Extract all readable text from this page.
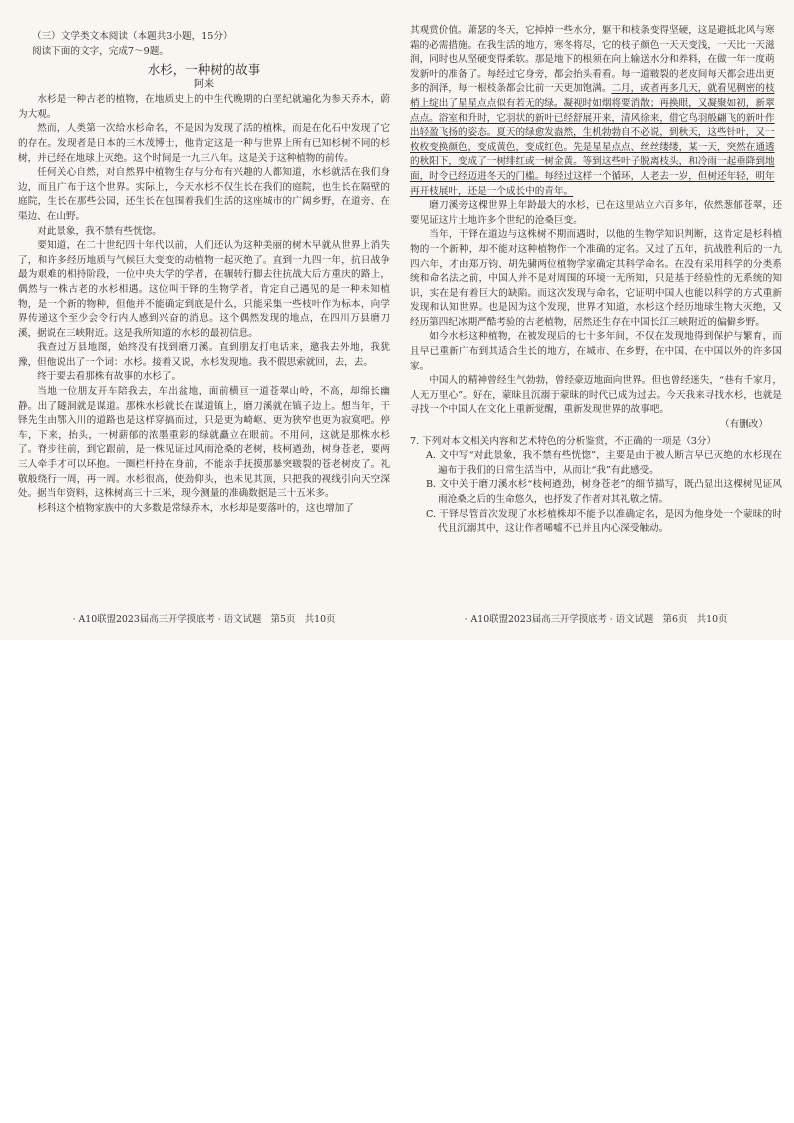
（三）文学类文本阅读（本题共3小题，15分）

阅读下面的文字，完成7～9题。

水杉，一种树的故事

阿来

水杉是一种古老的植物，在地质史上的中生代晚期的白垩纪就遍化为参天乔木，蔚为大观。

然而，人类第一次给水杉命名，不是因为发现了活的植株，而是在化石中发现了它的存在。发现者是日本的三木茂博士，他肯定这是一种与世界上所有已知杉树不同的杉树，并已经在地球上灭绝。这个时间是一九三八年。这是关于这种植物的前传。

任何关心自然，对自然界中植物生存与分布有兴趣的人都知道，水杉就活在我们身边，而且广布于这个世界。实际上，今天水杉不仅生长在我们的庭院，也生长在隔壁的庭院，生长在那些公园，还生长在包围着我们生活的这座城市的广阔乡野，在道旁、在渠边、在山野。

对此景象，我不禁有些恍惚。

要知道，在二十世纪四十年代以前，人们还认为这种美丽的树木早就从世界上消失了，和许多经历地质与气候巨大变变的动植物一起灭绝了。直到一九四一年，抗日战争最为艰难的相持阶段，一位中央大学的学者，在辗转行脚去往抗战大后方重庆的路上，偶然与一株古老的水杉相遇。这位叫干铎的生物学者，肯定自己遇见的是一种未知植物，是一个新的物种，但他并不能确定到底是什么，只能采集一些枝叶作为标本，向学界传递这个至少会令行内人感到兴奋的消息。这个偶然发现的地点，在四川万县磨刀溪，据说在三峡附近。这是我所知道的水杉的最初信息。

我查过万县地图，始终没有找到磨刀溪。直到朋友打电话来，邀我去外地，我犹豫，但他说出了一个词：水杉。接着又说，水杉发现地。我不假思索就回，去，去。

终于要去看那株有故事的水杉了。

当地一位朋友开车陪我去，车出盆地，面前横亘一道苍翠山岭，不高，却绵长幽静。出了隧洞就是谋道。那株水杉就长在谋道镇上，磨刀溪就在镇子边上。想当年，干铎先生由鄂入川的道路也是这样穿搞而过，只是更为崎岖、更为狭窄也更为寂寞吧。停车，下来，抬头，一树薪郁的浓墨重彩的绿就矗立在眼前。不用问，这就是那株水杉了。脊步往前，到它跟前，是一株见证过风雨沧桑的老树，枝柯遒劲，树身苍老，要两三人牵手才可以环抱。一圈栏杆持在身前，不能亲手抚摸那暴突皲裂的苍老树皮了。礼敬般绕行一周，再一周。水杉很高，使劲仰头，也未见其顶，只把我的视线引向天空深处。据当年资料，这株树高三十三米，现今测量的准确数据是三十五米多。

杉科这个植物家族中的大多数是常绿乔木，水杉却是要落叶的，这也增加了

· A10联盟2023届高三开学摸底考 · 语文试题　第5页　共10页

其观赏价值。萧瑟的冬天，它掉掉一些水分，躯干和枝条变得坚硬，这是避抵北风与寒霜的必需措施。在我生活的地方，寒冬将尽，它的枝子颜色一天天变浅，一天比一天滋润，同时也从坚硬变得柔软。那是地下的根须在向上输送水分和养料，在做一年一度萌发新叶的准备了。每经过它身旁，都会抬头看看。每一道皲裂的老皮间每天都会进出更多的润泽，每一根枝条都会比前一天更加饱满。二月，或者再多几天，就看见稠密的枝梢上绽出了星星点点似有若无的绿。凝视时如烟将要消散；再换眼，又凝聚如初，新翠点点。浴室和升时，它羽状的新叶已经舒展开来，清风徐来，借它鸟羽般翩飞的新叶作出轻盈飞扬的姿态。夏天的绿愈发盎然，生机勃勃自不必说，到秋天，这些针叶，又一枚枚变换颜色，变成黄色，变成红色。先是星星点点、丝丝缕缕，某一天，突然在通透的秋阳下，变成了一树绯红或一树金黄。等到这些叶子脱离枝头，和冷雨一起垂降到地面，时令已经迈进冬天的门槛。每经过这样一个循环，人老去一岁，但树还年轻，明年再开枝展叶，还是一个成长中的青年。

磨刀溪旁这棵世界上年龄最大的水杉，已在这里站立六百多年，依然葱郁苍翠，还要见证这片土地许多个世纪的沧桑巨变。

当年，干铎在道边与这株树不期而遇时，以他的生物学知识判断，这肯定是杉科植物的一个新种，却不能对这种植物作一个准确的定名。又过了五年，抗战胜利后的一九四六年，才由郑万钧、胡先骕两位植物学家确定其科学命名。在没有采用科学的分类系统和命名法之前，中国人并不是对周围的环境一无所知，只是基于经验性的无系统的知识，实在是有着巨大的缺陷。而这次发现与命名，它证明中国人也能以科学的方式重新发现和认知世界。也是因为这个发现，世界才知道，水杉这个经历地球生物大灭绝，又经历第四纪冰期严酷考验的古老植物，居然还生存在中国长江三峡附近的偏僻乡野。

如今水杉这种植物，在被发现后的七十多年间，不仅在发现地得到保护与繁育，而且早已重新广布到其适合生长的地方，在城市、在乡野，在中国、在中国以外的许多国家。

中国人的精神曾经生气勃勃，曾经豪迈地面向世界。但也曾经迷失，“巷有千家月，人无万里心”。好在，蒙昧且沉溺于蒙昧的时代已成为过去。今天我来寻找水杉，也就是寻找一个中国人在文化上重新觉醒，重新发现世界的故事吧。

（有删改）

7. 下列对本文相关内容和艺术特色的分析鉴赏，不正确的一项是（3分）

A. 文中写“对此景象，我不禁有些恍惚”，主要是由于被人断言早已灭绝的水杉现在遍布于我们的日常生活当中，从而让“我”有此感受。

B. 文中关于磨刀溪水杉“枝柯遒劲，树身苍老”的细节描写，既凸显出这棵树见证风雨沧桑之后的生命悠久，也抒发了作者对其礼敬之情。

C. 干铎尽管首次发现了水杉植株却不能予以准确定名，是因为他身处一个蒙昧的时代且沉溺其中，这让作者唏嘘不已并且内心深受触动。

· A10联盟2023届高三开学摸底考 · 语文试题　第6页　共10页
